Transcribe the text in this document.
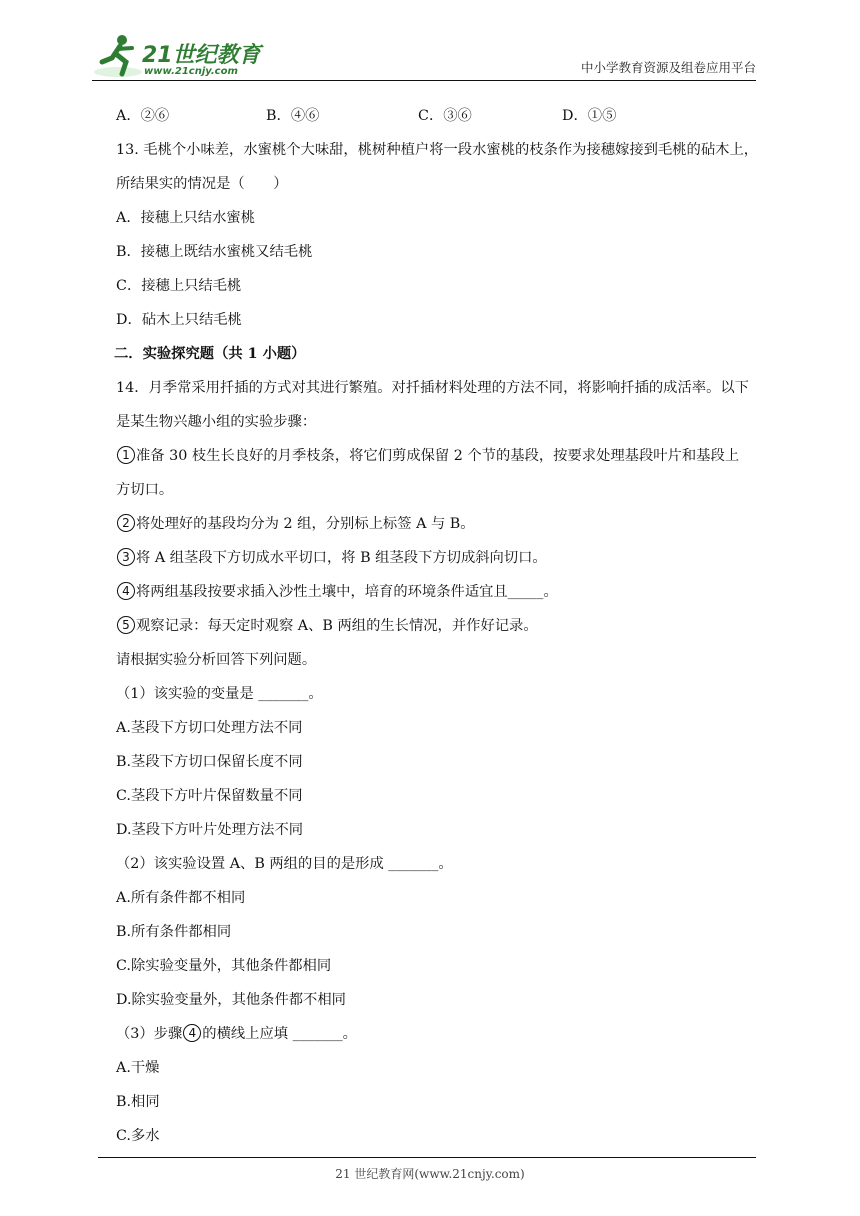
21世纪教育
www.21cnjy.com	中小学教育资源及组卷应用平台
A．②⑥	B．④⑥	C．③⑥	D．①⑤
13. 毛桃个小味差，水蜜桃个大味甜，桃树种植户将一段水蜜桃的枝条作为接穗嫁接到毛桃的砧木上，
所结果实的情况是（　　）
A．接穗上只结水蜜桃
B．接穗上既结水蜜桃又结毛桃
C．接穗上只结毛桃
D．砧木上只结毛桃
二．实验探究题（共 1 小题）
14．月季常采用扦插的方式对其进行繁殖。对扦插材料处理的方法不同，将影响扦插的成活率。以下
是某生物兴趣小组的实验步骤：
1 准备 30 枝生长良好的月季枝条，将它们剪成保留 2 个节的基段，按要求处理基段叶片和基段上
方切口。
2 将处理好的基段均分为 2 组，分别标上标签 A 与 B。
3 将 A 组茎段下方切成水平切口，将 B 组茎段下方切成斜向切口。
4 将两组基段按要求插入沙性土壤中，培育的环境条件适宜且_____。
5 观察记录：每天定时观察 A、B 两组的生长情况，并作好记录。
请根据实验分析回答下列问题。
（1）该实验的变量是 _______。
A.茎段下方切口处理方法不同
B.茎段下方切口保留长度不同
C.茎段下方叶片保留数量不同
D.茎段下方叶片处理方法不同
（2）该实验设置 A、B 两组的目的是形成 _______。
A.所有条件都不相同
B.所有条件都相同
C.除实验变量外，其他条件都相同
D.除实验变量外，其他条件都不相同
（3）步骤 4 的横线上应填 _______。
A.干燥
B.相同
C.多水
21 世纪教育网(www.21cnjy.com)
